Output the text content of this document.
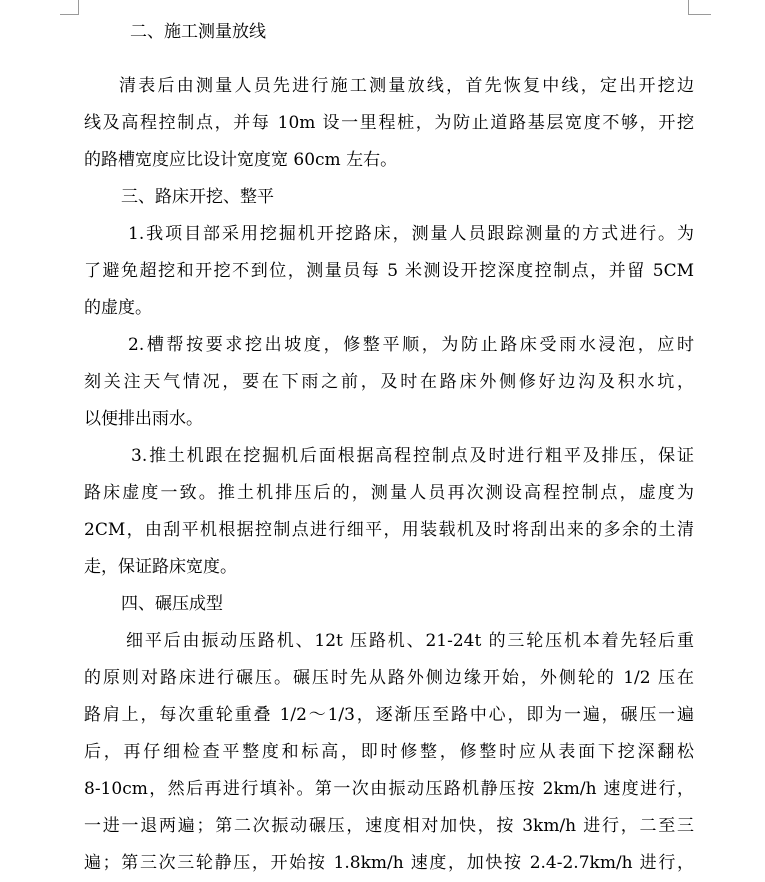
二、施工测量放线

清表后由测量人员先进行施工测量放线，首先恢复中线，定出开挖边
线及高程控制点，并每 10m 设一里程桩，为防止道路基层宽度不够，开挖
的路槽宽度应比设计宽度宽 60cm 左右。

三、路床开挖、整平

1.我项目部采用挖掘机开挖路床，测量人员跟踪测量的方式进行。为
了避免超挖和开挖不到位，测量员每 5 米测设开挖深度控制点，并留 5CM
的虚度。
2.槽帮按要求挖出坡度，修整平顺，为防止路床受雨水浸泡，应时
刻关注天气情况，要在下雨之前，及时在路床外侧修好边沟及积水坑，
以便排出雨水。
3.推土机跟在挖掘机后面根据高程控制点及时进行粗平及排压，保证
路床虚度一致。推土机排压后的，测量人员再次测设高程控制点，虚度为
2CM，由刮平机根据控制点进行细平，用装载机及时将刮出来的多余的土清
走，保证路床宽度。

四、碾压成型

细平后由振动压路机、12t 压路机、21-24t 的三轮压机本着先轻后重
的原则对路床进行碾压。碾压时先从路外侧边缘开始，外侧轮的 1/2 压在
路肩上，每次重轮重叠 1/2～1/3，逐渐压至路中心，即为一遍，碾压一遍
后，再仔细检查平整度和标高，即时修整，修整时应从表面下挖深翻松
8-10cm，然后再进行填补。第一次由振动压路机静压按 2km/h 速度进行，
一进一退两遍；第二次振动碾压，速度相对加快，按 3km/h 进行，二至三
遍；第三次三轮静压，开始按 1.8km/h 速度，加快按 2.4-2.7km/h 进行，
